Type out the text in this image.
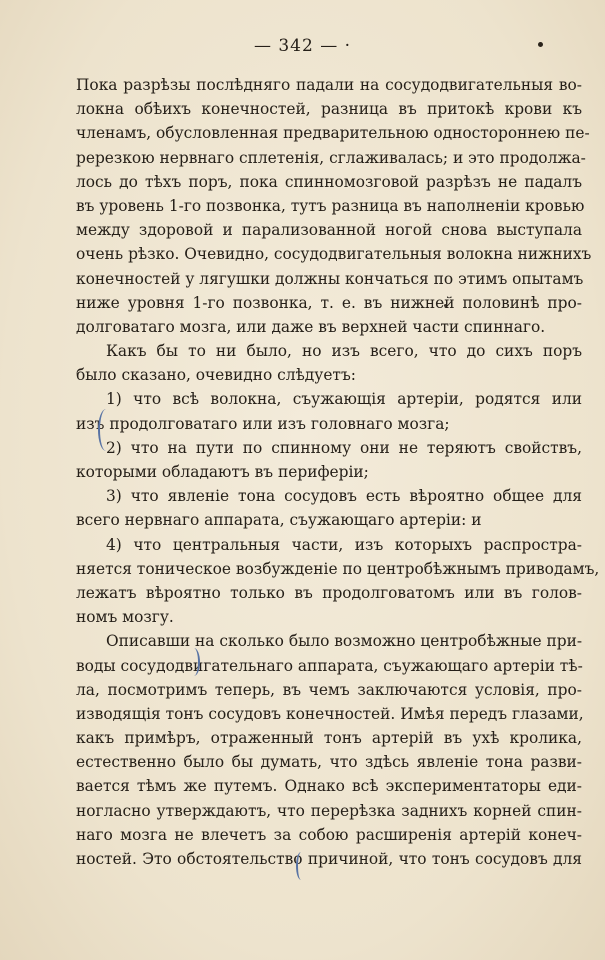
— 342 — ·
Пока разрѣзы послѣдняго падали на сосудодвигательныя во-
локна обѣихъ конечностей, разница въ притокѣ крови къ
членамъ, обусловленная предварительною одностороннею пе-
ререзкою нервнаго сплетенія, сглаживалась; и это продолжа-
лось до тѣхъ поръ, пока спинномозговой разрѣзъ не падалъ
въ уровень 1-го позвонка, тутъ разница въ наполненіи кровью
между здоровой и парализованной ногой снова выступала
очень рѣзко. Очевидно, сосудодвигательныя волокна нижнихъ
конечностей у лягушки должны кончаться по этимъ опытамъ
ниже уровня 1-го позвонка, т. е. въ нижней половинѣ про-
долговатаго мозга, или даже въ верхней части спиннаго.
Какъ бы то ни было, но изъ всего, что до сихъ поръ
было сказано, очевидно слѣдуетъ:
1) что всѣ волокна, съужающія артеріи, родятся или
изъ продолговатаго или изъ головнаго мозга;
2) что на пути по спинному они не теряютъ свойствъ,
которыми обладаютъ въ периферіи;
3) что явленіе тона сосудовъ есть вѣроятно общее для
всего нервнаго аппарата, съужающаго артеріи: и
4) что центральныя части, изъ которыхъ распростра-
няется тоническое возбужденіе по центробѣжнымъ приводамъ,
лежатъ вѣроятно только въ продолговатомъ или въ голов-
номъ мозгу.
Описавши на сколько было возможно центробѣжные при-
воды сосудодвигательнаго аппарата, съужающаго артеріи тѣ-
ла, посмотримъ теперь, въ чемъ заключаются условія, про-
изводящія тонъ сосудовъ конечностей. Имѣя передъ глазами,
какъ примѣръ, отраженный тонъ артерій въ ухѣ кролика,
естественно было бы думать, что здѣсь явленіе тона разви-
вается тѣмъ же путемъ. Однако всѣ экспериментаторы еди-
ногласно утверждаютъ, что перерѣзка заднихъ корней спин-
наго мозга не влечетъ за собою расширенія артерій конеч-
ностей. Это обстоятельство причиной, что тонъ сосудовъ для
